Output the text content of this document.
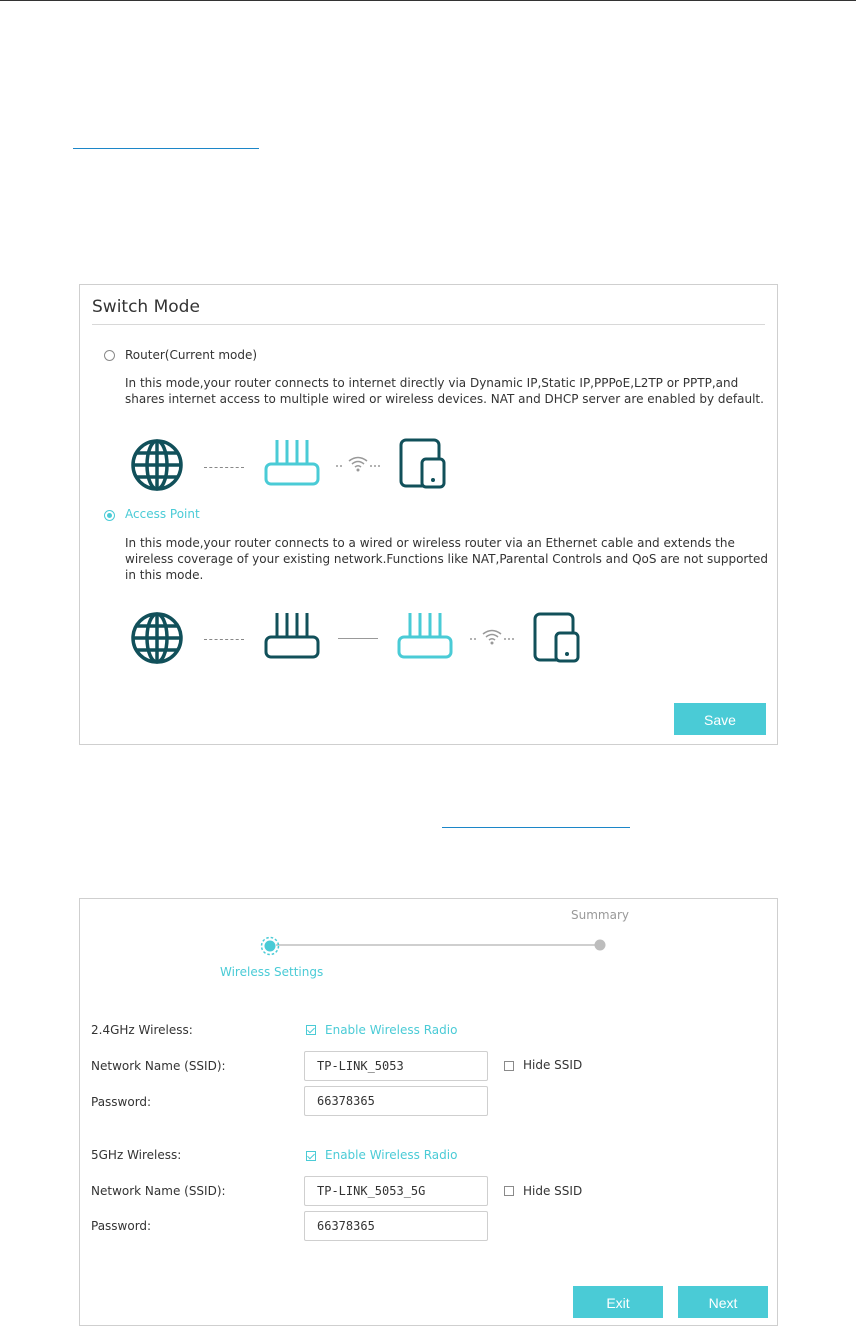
Switch Mode
Router(Current mode)
In this mode,your router connects to internet directly via Dynamic IP,Static IP,PPPoE,L2TP or PPTP,and shares internet access to multiple wired or wireless devices. NAT and DHCP server are enabled by default.
Access Point
In this mode,your router connects to a wired or wireless router via an Ethernet cable and extends the wireless coverage of your existing network.Functions like NAT,Parental Controls and QoS are not supported in this mode.
Save
Summary
Wireless Settings
2.4GHz Wireless:	Enable Wireless Radio
Network Name (SSID):
TP-LINK_5053	Hide SSID
Password:
66378365
5GHz Wireless:	Enable Wireless Radio
Network Name (SSID):
TP-LINK_5053_5G	Hide SSID
Password:
66378365
Exit	Next
